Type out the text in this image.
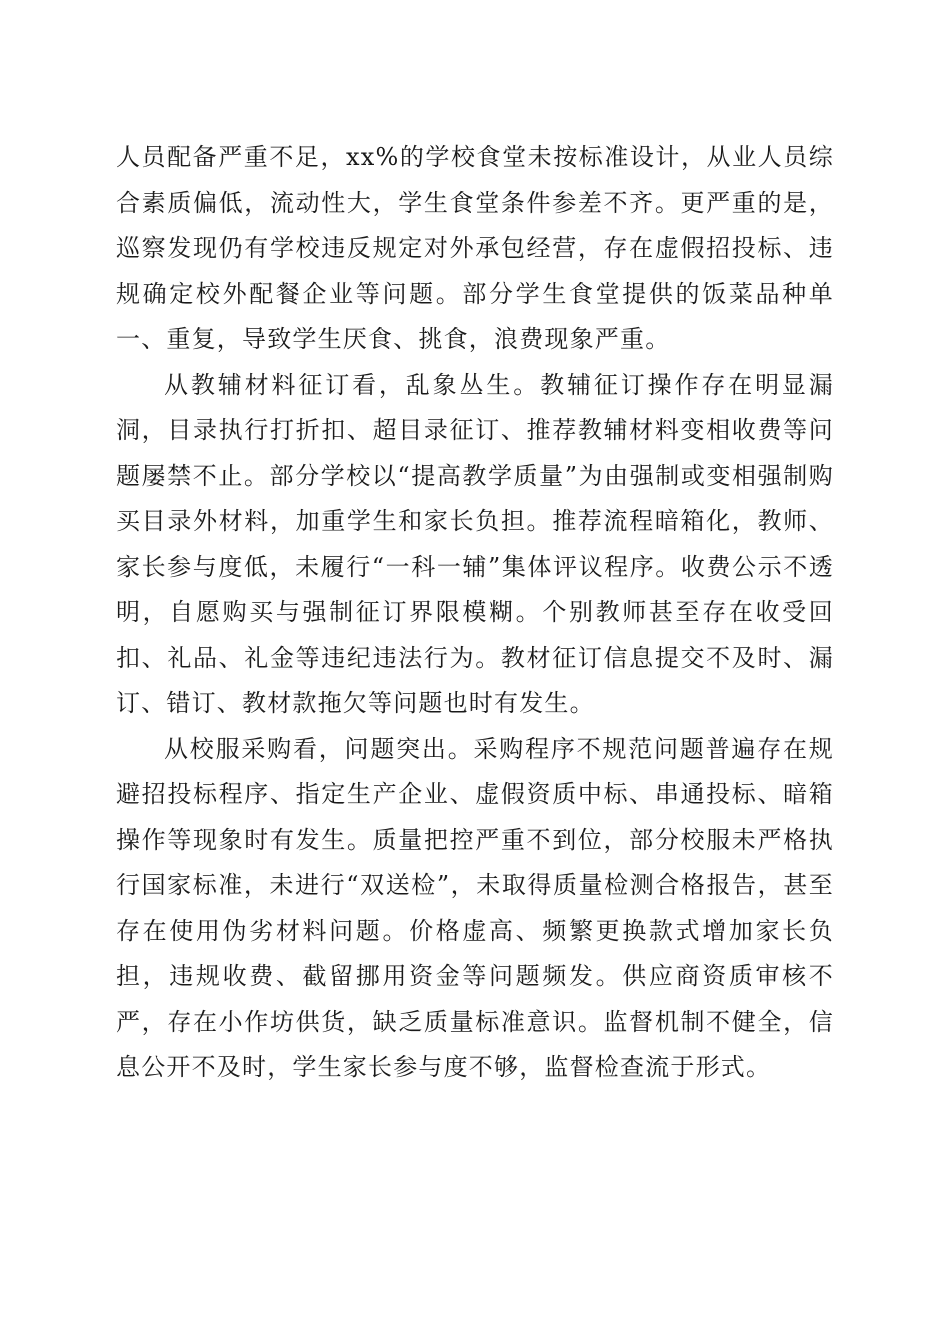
人员配备严重不足，xx%的学校食堂未按标准设计，从业人员综合素质偏低，流动性大，学生食堂条件参差不齐。更严重的是，巡察发现仍有学校违反规定对外承包经营，存在虚假招投标、违规确定校外配餐企业等问题。部分学生食堂提供的饭菜品种单一、重复，导致学生厌食、挑食，浪费现象严重。

从教辅材料征订看，乱象丛生。教辅征订操作存在明显漏洞，目录执行打折扣、超目录征订、推荐教辅材料变相收费等问题屡禁不止。部分学校以“提高教学质量”为由强制或变相强制购买目录外材料，加重学生和家长负担。推荐流程暗箱化，教师、家长参与度低，未履行“一科一辅”集体评议程序。收费公示不透明，自愿购买与强制征订界限模糊。个别教师甚至存在收受回扣、礼品、礼金等违纪违法行为。教材征订信息提交不及时、漏订、错订、教材款拖欠等问题也时有发生。

从校服采购看，问题突出。采购程序不规范问题普遍存在规避招投标程序、指定生产企业、虚假资质中标、串通投标、暗箱操作等现象时有发生。质量把控严重不到位，部分校服未严格执行国家标准，未进行“双送检”，未取得质量检测合格报告，甚至存在使用伪劣材料问题。价格虚高、频繁更换款式增加家长负担，违规收费、截留挪用资金等问题频发。供应商资质审核不严，存在小作坊供货，缺乏质量标准意识。监督机制不健全，信息公开不及时，学生家长参与度不够，监督检查流于形式。
